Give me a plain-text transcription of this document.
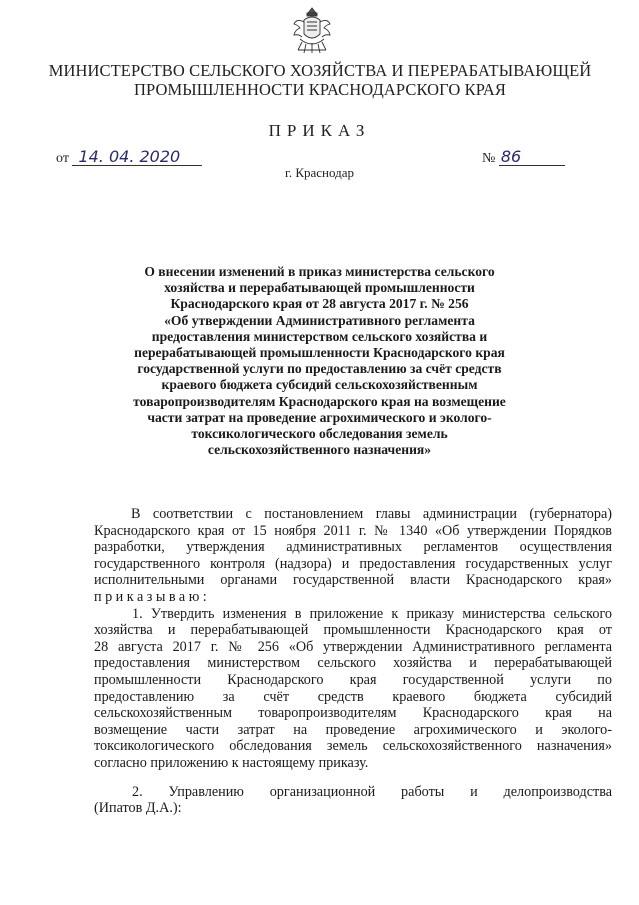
МИНИСТЕРСТВО СЕЛЬСКОГО ХОЗЯЙСТВА И ПЕРЕРАБАТЫВАЮЩЕЙ
ПРОМЫШЛЕННОСТИ КРАСНОДАРСКОГО КРАЯ
ПРИКАЗ
от 14. 04. 2020	№ 86
г. Краснодар
О внесении изменений в приказ министерства сельского
хозяйства и перерабатывающей промышленности
Краснодарского края от 28 августа 2017 г. № 256
«Об утверждении Административного регламента
предоставления министерством сельского хозяйства и
перерабатывающей промышленности Краснодарского края
государственной услуги по предоставлению за счёт средств
краевого бюджета субсидий сельскохозяйственным
товаропроизводителям Краснодарского края на возмещение
части затрат на проведение агрохимического и эколого-
токсикологического обследования земель
сельскохозяйственного назначения»
В соответствии с постановлением главы администрации (губернатора)
Краснодарского края от 15 ноября 2011 г. № 1340 «Об утверждении Порядков
разработки, утверждения административных регламентов осуществления
государственного контроля (надзора) и предоставления государственных услуг
исполнительными органами государственной власти Краснодарского края»
приказываю:
1. Утвердить изменения в приложение к приказу министерства сельского
хозяйства и перерабатывающей промышленности Краснодарского края от
28 августа 2017 г. № 256 «Об утверждении Административного регламента
предоставления министерством сельского хозяйства и перерабатывающей
промышленности Краснодарского края государственной услуги по
предоставлению за счёт средств краевого бюджета субсидий
сельскохозяйственным товаропроизводителям Краснодарского края на
возмещение части затрат на проведение агрохимического и эколого-
токсикологического обследования земель сельскохозяйственного назначения»
согласно приложению к настоящему приказу.
2. Управлению организационной работы и делопроизводства
(Ипатов Д.А.):
